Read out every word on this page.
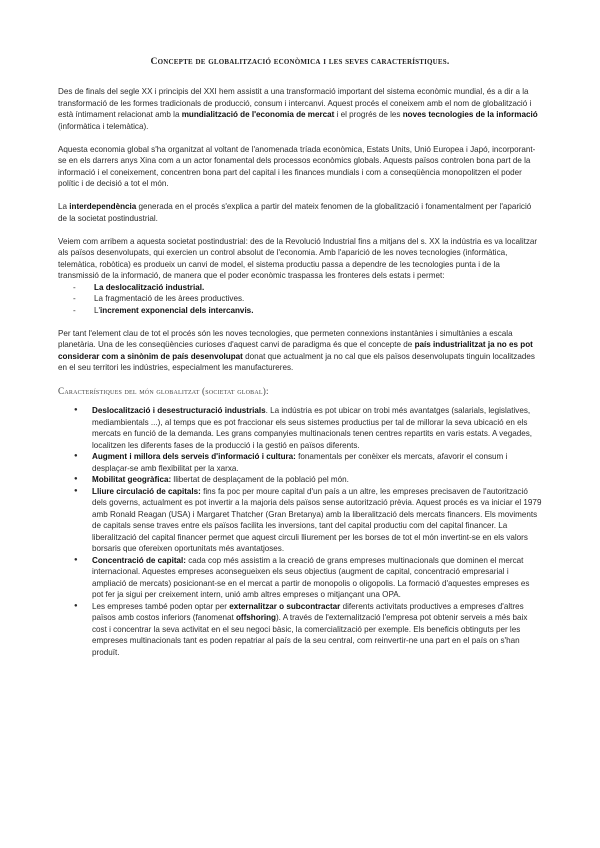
Concepte de globalització econòmica i les seves característiques.

Des de finals del segle XX i principis del XXI hem assistit a una transformació important del sistema econòmic mundial, és a dir a la transformació de les formes tradicionals de producció, consum i intercanvi. Aquest procés el coneixem amb el nom de globalització i està íntimament relacionat amb la mundialització de l'economia de mercat i el progrés de les noves tecnologies de la informació (informàtica i telemàtica).

Aquesta economia global s'ha organitzat al voltant de l'anomenada tríada econòmica, Estats Units, Unió Europea i Japó, incorporant-se en els darrers anys Xina com a un actor fonamental dels processos econòmics globals. Aquests països controlen bona part de la informació i el coneixement, concentren bona part del capital i les finances mundials i com a conseqüència monopolitzen el poder polític i de decisió a tot el món.

La interdependència generada en el procés s'explica a partir del mateix fenomen de la globalització i fonamentalment per l'aparició de la societat postindustrial.

Veiem com arribem a aquesta societat postindustrial: des de la Revolució Industrial fins a mitjans del s. XX la indústria es va localitzar als països desenvolupats, qui exercien un control absolut de l'economia. Amb l'aparició de les noves tecnologies (informàtica, telemàtica, robòtica) es produeix un canvi de model, el sistema productiu passa a dependre de les tecnologies punta i de la transmissió de la informació, de manera que el poder econòmic traspassa les fronteres dels estats i permet:

- La deslocalització industrial.
- La fragmentació de les àrees productives.
- L'increment exponencial dels intercanvis.

Per tant l'element clau de tot el procés són les noves tecnologies, que permeten connexions instantànies i simultànies a escala planetària. Una de les conseqüències curioses d'aquest canvi de paradigma és que el concepte de país industrialitzat ja no es pot considerar com a sinònim de país desenvolupat donat que actualment ja no cal que els països desenvolupats tinguin localitzades en el seu territori les indústries, especialment les manufactureres.

Característiques del món globalitzat (societat global):
● Deslocalització i desestructuració industrials. La indústria es pot ubicar on trobi més avantatges (salarials, legislatives, mediambientals ...), al temps que es pot fraccionar els seus sistemes productius per tal de millorar la seva ubicació en els mercats en funció de la demanda. Les grans companyies multinacionals tenen centres repartits en varis estats. A vegades, localitzen les diferents fases de la producció i la gestió en països diferents.
● Augment i millora dels serveis d'informació i cultura: fonamentals per conèixer els mercats, afavorir el consum i desplaçar-se amb flexibilitat per la xarxa.
● Mobilitat geogràfica: llibertat de desplaçament de la població pel món.
● Lliure circulació de capitals: fins fa poc per moure capital d'un país a un altre, les empreses precisaven de l'autorització dels governs, actualment es pot invertir a la majoria dels països sense autorització prèvia. Aquest procés es va iniciar el 1979 amb Ronald Reagan (USA) i Margaret Thatcher (Gran Bretanya) amb la liberalització dels mercats financers. Els moviments de capitals sense traves entre els països facilita les inversions, tant del capital productiu com del capital financer. La liberalització del capital financer permet que aquest circuli lliurement per les borses de tot el món invertint-se en els valors borsaris que ofereixen oportunitats més avantatjoses.
● Concentració de capital: cada cop més assistim a la creació de grans empreses multinacionals que dominen el mercat internacional. Aquestes empreses aconsegueixen els seus objectius (augment de capital, concentració empresarial i ampliació de mercats) posicionant-se en el mercat a partir de monopolis o oligopolis. La formació d'aquestes empreses es pot fer ja sigui per creixement intern, unió amb altres empreses o mitjançant una OPA.
● Les empreses també poden optar per externalitzar o subcontractar diferents activitats productives a empreses d'altres països amb costos inferiors (fanomenat offshoring). A través de l'externalització l'empresa pot obtenir serveis a més baix cost i concentrar la seva activitat en el seu negoci bàsic, la comercialització per exemple. Els beneficis obtinguts per les empreses multinacionals tant es poden repatriar al país de la seu central, com reinvertir-ne una part en el país on s'han produït.
